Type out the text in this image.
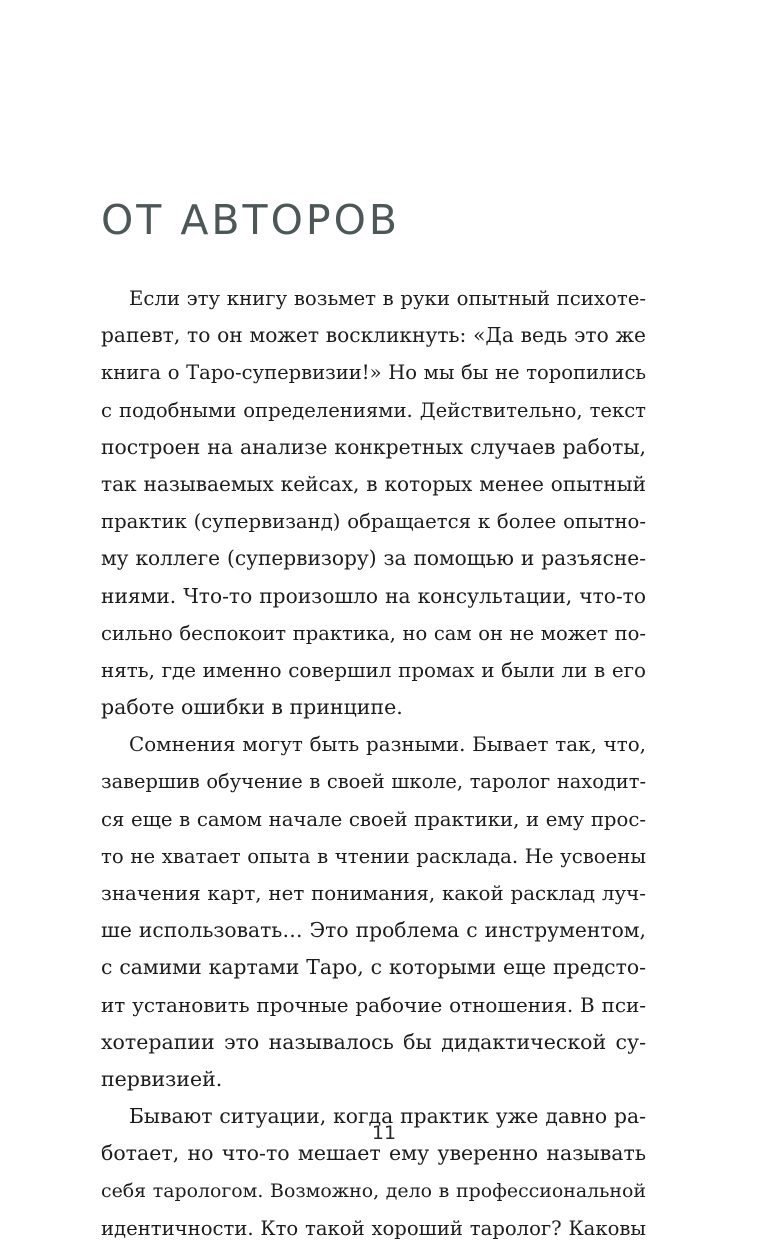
ОТ АВТОРОВ
Если эту книгу возьмет в руки опытный психоте-
рапевт, то он может воскликнуть: «Да ведь это же
книга о Таро-супервизии!» Но мы бы не торопились
с подобными определениями. Действительно, текст
построен на анализе конкретных случаев работы,
так называемых кейсах, в которых менее опытный
практик (супервизанд) обращается к более опытно-
му коллеге (супервизору) за помощью и разъясне-
ниями. Что-то произошло на консультации, что-то
сильно беспокоит практика, но сам он не может по-
нять, где именно совершил промах и были ли в его
работе ошибки в принципе.
Сомнения могут быть разными. Бывает так, что,
завершив обучение в своей школе, таролог находит-
ся еще в самом начале своей практики, и ему прос-
то не хватает опыта в чтении расклада. Не усвоены
значения карт, нет понимания, какой расклад луч-
ше использовать… Это проблема с инструментом,
с самими картами Таро, с которыми еще предсто-
ит установить прочные рабочие отношения. В пси-
хотерапии это называлось бы дидактической су-
первизией.
Бывают ситуации, когда практик уже давно ра-
ботает, но что-то мешает ему уверенно называть
себя тарологом. Возможно, дело в профессиональной
идентичности. Кто такой хороший таролог? Каковы
11
